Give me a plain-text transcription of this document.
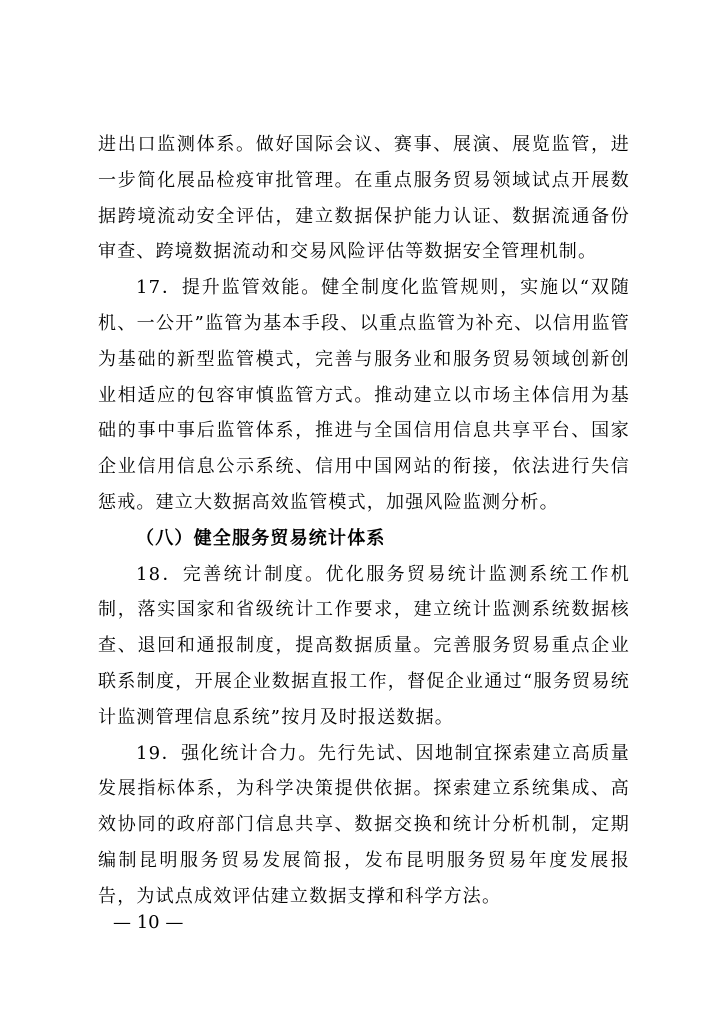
进出口监测体系。做好国际会议、赛事、展演、展览监管，进一步简化展品检疫审批管理。在重点服务贸易领域试点开展数据跨境流动安全评估，建立数据保护能力认证、数据流通备份审查、跨境数据流动和交易风险评估等数据安全管理机制。

17．提升监管效能。健全制度化监管规则，实施以“双随机、一公开”监管为基本手段、以重点监管为补充、以信用监管为基础的新型监管模式，完善与服务业和服务贸易领域创新创业相适应的包容审慎监管方式。推动建立以市场主体信用为基础的事中事后监管体系，推进与全国信用信息共享平台、国家企业信用信息公示系统、信用中国网站的衔接，依法进行失信惩戒。建立大数据高效监管模式，加强风险监测分析。

（八）健全服务贸易统计体系

18．完善统计制度。优化服务贸易统计监测系统工作机制，落实国家和省级统计工作要求，建立统计监测系统数据核查、退回和通报制度，提高数据质量。完善服务贸易重点企业联系制度，开展企业数据直报工作，督促企业通过“服务贸易统计监测管理信息系统”按月及时报送数据。

19．强化统计合力。先行先试、因地制宜探索建立高质量发展指标体系，为科学决策提供依据。探索建立系统集成、高效协同的政府部门信息共享、数据交换和统计分析机制，定期编制昆明服务贸易发展简报，发布昆明服务贸易年度发展报告，为试点成效评估建立数据支撑和科学方法。

— 10 —
